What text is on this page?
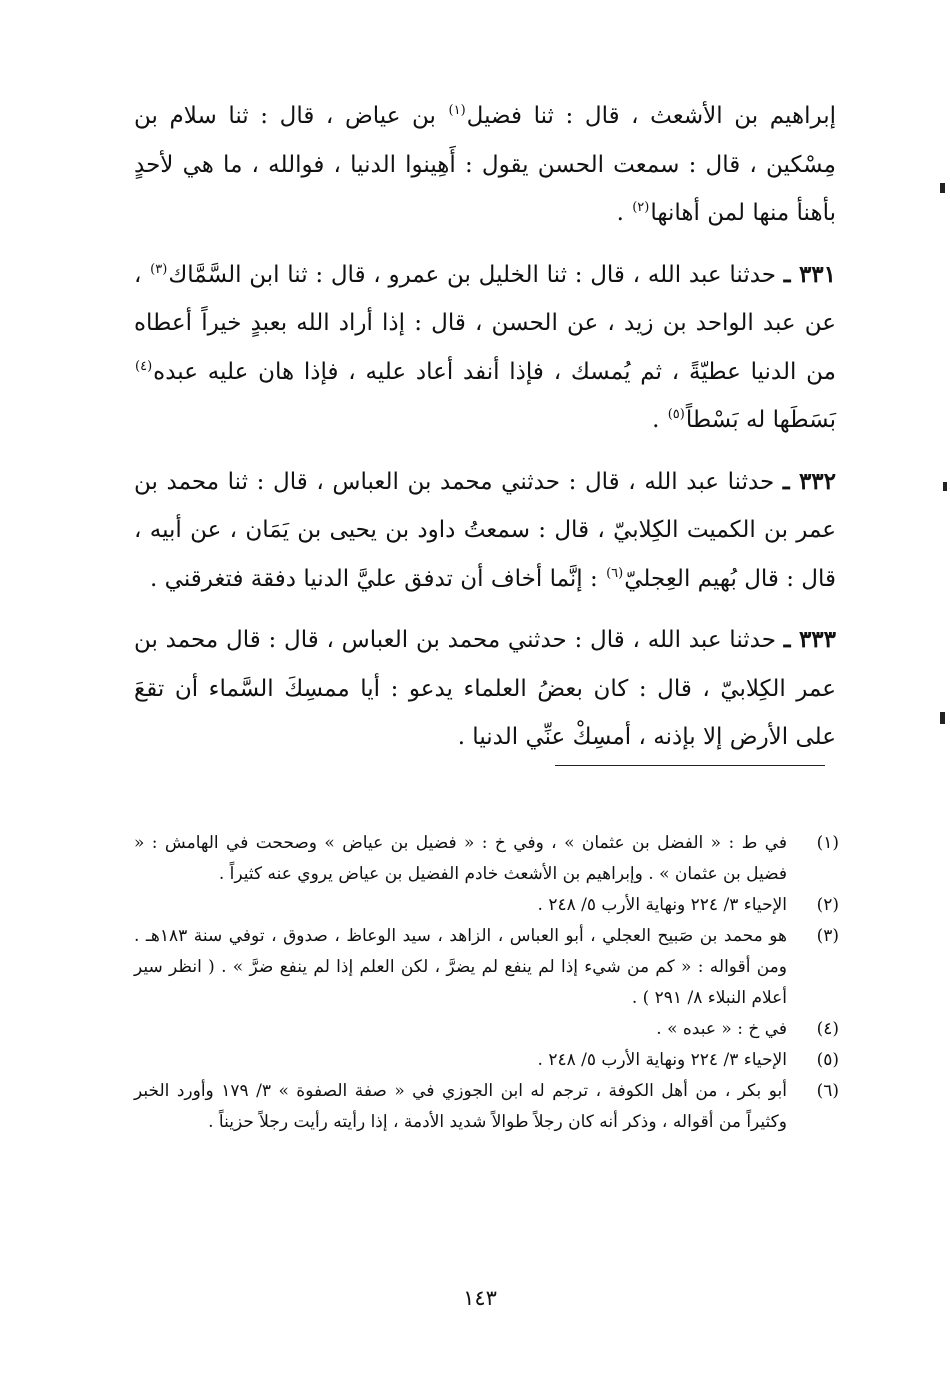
إبراهيم بن الأشعث ، قال : ثنا فضيل$^{(١)}$ بن عياض ، قال : ثنا سلام بن مِسْكين ، قال : سمعت الحسن يقول : أَهِينوا الدنيا ، فوالله ، ما هي لأحدٍ بأهنأ منها لمن أهانها$^{(٢)}$ .

٣٣١ ـ حدثنا عبد الله ، قال : ثنا الخليل بن عمرو ، قال : ثنا ابن السَّمَّاك$^{(٣)}$ ، عن عبد الواحد بن زيد ، عن الحسن ، قال : إذا أراد الله بعبدٍ خيراً أعطاه من الدنيا عطيّةً ، ثم يُمسك ، فإذا أنفد أعاد عليه ، فإذا هان عليه عبده$^{(٤)}$ بَسَطَها له بَسْطاً$^{(٥)}$ .

٣٣٢ ـ حدثنا عبد الله ، قال : حدثني محمد بن العباس ، قال : ثنا محمد بن عمر بن الكميت الكِلابيّ ، قال : سمعتُ داود بن يحيى بن يَمَان ، عن أبيه ، قال : قال بُهيم العِجليّ$^{(٦)}$ : إنَّما أخاف أن تدفق عليَّ الدنيا دفقة فتغرقني .

٣٣٣ ـ حدثنا عبد الله ، قال : حدثني محمد بن العباس ، قال : قال محمد بن عمر الكِلابيّ ، قال : كان بعضُ العلماء يدعو : أيا ممسِكَ السَّماء أن تقعَ على الأرض إلا بإذنه ، أمسِكْ عنِّي الدنيا .

(١)
في ط : « الفضل بن عثمان » ، وفي خ : « فضيل بن عياض » وصححت في الهامش : « فضيل بن عثمان » . وإبراهيم بن الأشعث خادم الفضيل بن عياض يروي عنه كثيراً .
(٢)
الإحياء ٣/ ٢٢٤ ونهاية الأرب ٥/ ٢٤٨ .
(٣)
هو محمد بن صَبيح العجلي ، أبو العباس ، الزاهد ، سيد الوعاظ ، صدوق ، توفي سنة ١٨٣هـ . ومن أقواله : « كم من شيء إذا لم ينفع لم يضرَّ ، لكن العلم إذا لم ينفع ضرَّ » . ( انظر سير أعلام النبلاء ٨/ ٢٩١ ) .
(٤)
في خ : « عبده » .
(٥)
الإحياء ٣/ ٢٢٤ ونهاية الأرب ٥/ ٢٤٨ .
(٦)
أبو بكر ، من أهل الكوفة ، ترجم له ابن الجوزي في « صفة الصفوة » ٣/ ١٧٩ وأورد الخبر وكثيراً من أقواله ، وذكر أنه كان رجلاً طوالاً شديد الأدمة ، إذا رأيته رأيت رجلاً حزيناً .
١٤٣
